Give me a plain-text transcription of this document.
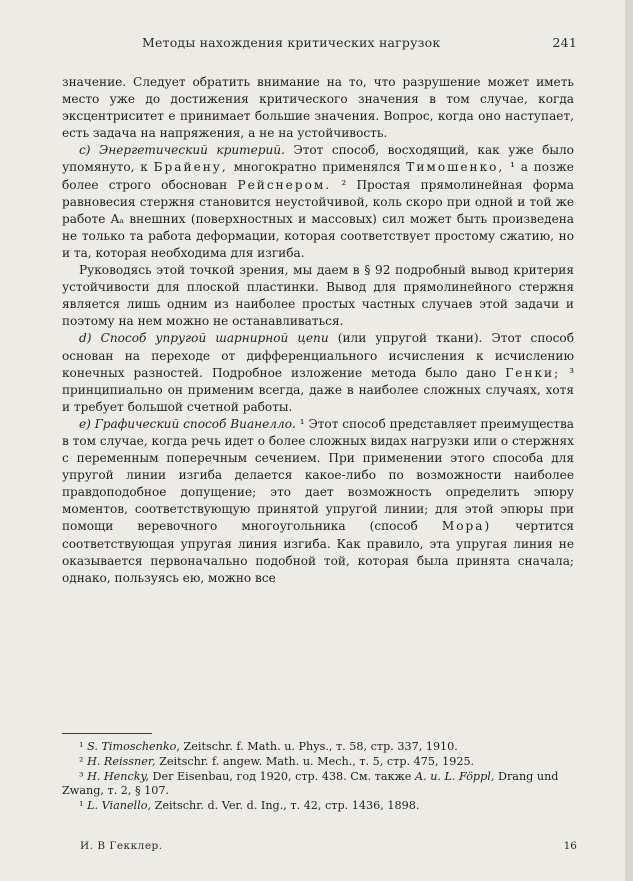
Методы нахождения критических нагрузок	241

значение. Следует обратить внимание на то, что разрушение может иметь место уже до достижения критического значения в том случае, когда эксцентриситет e принимает большие значения. Вопрос, когда оно наступает, есть задача на напряжения, а не на устойчивость.

c) Энергетический критерий. Этот способ, восходящий, как уже было упомянуто, к Брайену, многократно применялся Тимошенко, ¹ а позже более строго обоснован Рейснером. ² Простая прямолинейная форма равновесия стержня становится неустойчивой, коль скоро при одной и той же работе Aₐ внешних (поверхностных и массовых) сил может быть произведена не только та работа деформации, которая соответствует простому сжатию, но и та, которая необходима для изгиба.

Руководясь этой точкой зрения, мы даем в § 92 подробный вывод критерия устойчивости для плоской пластинки. Вывод для прямолинейного стержня является лишь одним из наиболее простых частных случаев этой задачи и поэтому на нем можно не останавливаться.

d) Способ упругой шарнирной цепи (или упругой ткани). Этот способ основан на переходе от дифференциального исчисления к исчислению конечных разностей. Подробное изложение метода было дано Генки; ³ принципиально он применим всегда, даже в наиболее сложных случаях, хотя и требует большой счетной работы.

e) Графический способ Вианелло. ¹ Этот способ представляет преимущества в том случае, когда речь идет о более сложных видах нагрузки или о стержнях с переменным поперечным сечением. При применении этого способа для упругой линии изгиба делается какое-либо по возможности наиболее правдоподобное допущение; это дает возможность определить эпюру моментов, соответствующую принятой упругой линии; для этой эпюры при помощи веревочного многоугольника (способ Мора) чертится соответствующая упругая линия изгиба. Как правило, эта упругая линия не оказывается первоначально подобной той, которая была принята сначала; однако, пользуясь ею, можно все

¹ S. Timoschenko, Zeitschr. f. Math. u. Phys., т. 58, стр. 337, 1910.

² H. Reissner, Zeitschr. f. angew. Math. u. Mech., т. 5, стр. 475, 1925.

³ H. Hencky, Der Eisenbau, год 1920, стр. 438. См. также A. u. L. Föppl, Drang und Zwang, т. 2, § 107.

¹ L. Vianello, Zeitschr. d. Ver. d. Ing., т. 42, стр. 1436, 1898.

И. В Гекклер.	16
